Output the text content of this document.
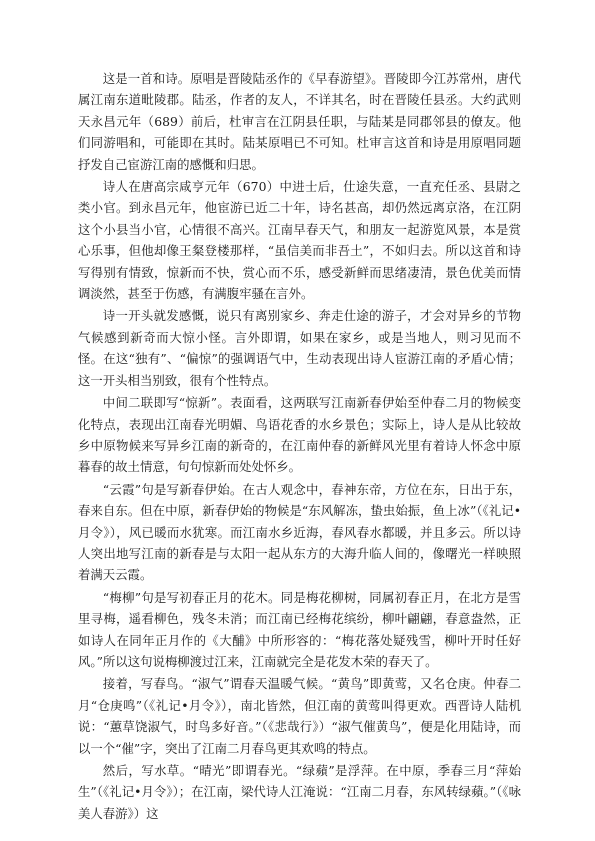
这是一首和诗。原唱是晋陵陆丞作的《早春游望》。晋陵即今江苏常州，唐代属江南东道毗陵郡。陆丞，作者的友人，不详其名，时在晋陵任县丞。大约武则天永昌元年（689）前后，杜审言在江阴县任职，与陆某是同郡邻县的僚友。他们同游唱和，可能即在其时。陆某原唱已不可知。杜审言这首和诗是用原唱同题抒发自己宦游江南的感慨和归思。

诗人在唐高宗咸亨元年（670）中进士后，仕途失意，一直充任丞、县尉之类小官。到永昌元年，他宦游已近二十年，诗名甚高，却仍然远离京洛，在江阴这个小县当小官，心情很不高兴。江南早春天气，和朋友一起游览风景，本是赏心乐事，但他却像王粲登楼那样，“虽信美而非吾土”，不如归去。所以这首和诗写得别有情致，惊新而不快，赏心而不乐，感受新鲜而思绪凄清，景色优美而情调淡然，甚至于伤感，有满腹牢骚在言外。

诗一开头就发感慨，说只有离别家乡、奔走仕途的游子，才会对异乡的节物气候感到新奇而大惊小怪。言外即谓，如果在家乡，或是当地人，则习见而不怪。在这“独有”、“偏惊”的强调语气中，生动表现出诗人宦游江南的矛盾心情；这一开头相当别致，很有个性特点。

中间二联即写“惊新”。表面看，这两联写江南新春伊始至仲春二月的物候变化特点，表现出江南春光明媚、鸟语花香的水乡景色；实际上，诗人是从比较故乡中原物候来写异乡江南的新奇的，在江南仲春的新鲜风光里有着诗人怀念中原暮春的故土情意，句句惊新而处处怀乡。

“云霞”句是写新春伊始。在古人观念中，春神东帝，方位在东，日出于东，春来自东。但在中原，新春伊始的物候是“东风解冻，蛰虫始振，鱼上冰”（《礼记•月令》），风已暖而水犹寒。而江南水乡近海，春风春水都暖，并且多云。所以诗人突出地写江南的新春是与太阳一起从东方的大海升临人间的，像曙光一样映照着满天云霞。

“梅柳”句是写初春正月的花木。同是梅花柳树，同属初春正月，在北方是雪里寻梅，遥看柳色，残冬未消；而江南已经梅花缤纷，柳叶翩翩，春意盎然，正如诗人在同年正月作的《大酺》中所形容的：“梅花落处疑残雪，柳叶开时任好风。”所以这句说梅柳渡过江来，江南就完全是花发木荣的春天了。

接着，写春鸟。“淑气”谓春天温暖气候。“黄鸟”即黄莺，又名仓庚。仲春二月“仓庚鸣”（《礼记•月令》），南北皆然，但江南的黄莺叫得更欢。西晋诗人陆机说：“蕙草饶淑气，时鸟多好音。”（《悲哉行》）“淑气催黄鸟”，便是化用陆诗，而以一个“催”字，突出了江南二月春鸟更其欢鸣的特点。

然后，写水草。“晴光”即谓春光。“绿蘋”是浮萍。在中原，季春三月“萍始生”（《礼记•月令》）；在江南，梁代诗人江淹说：“江南二月春，东风转绿蘋。”（《咏美人春游》）这
